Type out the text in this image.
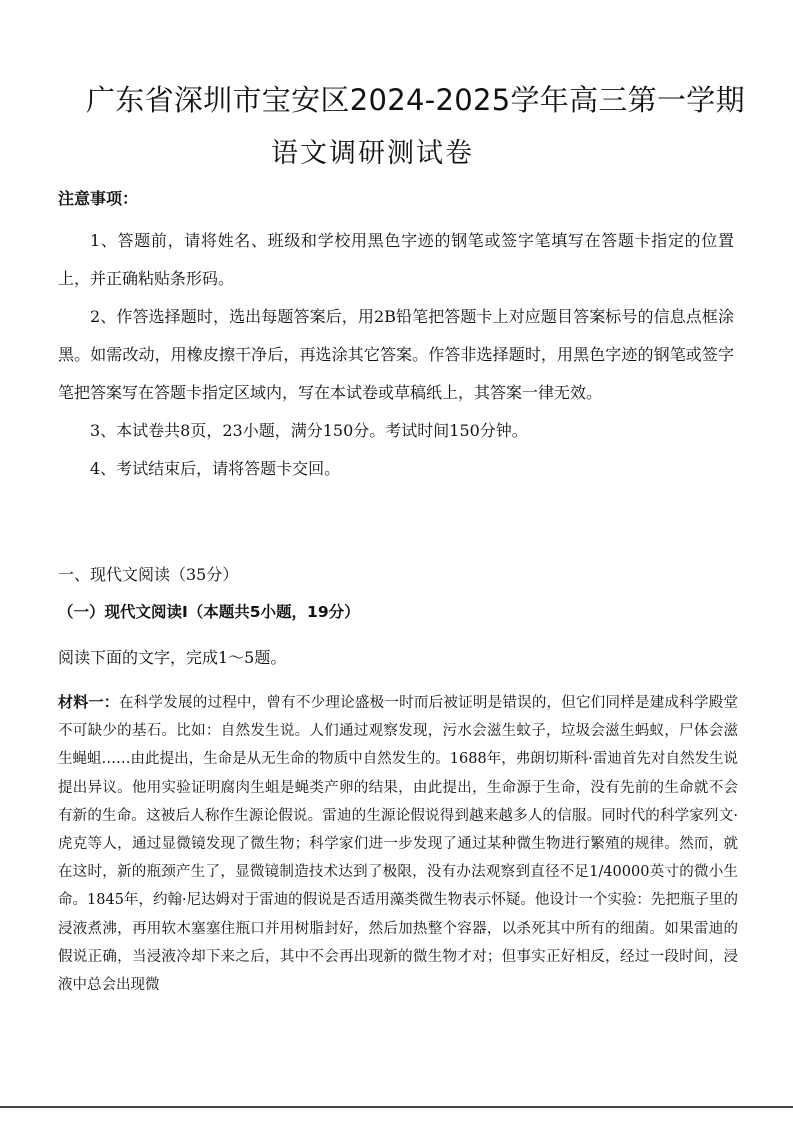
广东省深圳市宝安区2024-2025学年高三第一学期
语文调研测试卷
注意事项：

1、答题前，请将姓名、班级和学校用黑色字迹的钢笔或签字笔填写在答题卡指定的位置上，并正确粘贴条形码。

2、作答选择题时，选出每题答案后，用2B铅笔把答题卡上对应题目答案标号的信息点框涂黑。如需改动，用橡皮擦干净后，再选涂其它答案。作答非选择题时，用黑色字迹的钢笔或签字笔把答案写在答题卡指定区域内，写在本试卷或草稿纸上，其答案一律无效。

3、本试卷共8页，23小题，满分150分。考试时间150分钟。

4、考试结束后，请将答题卡交回。

一、现代文阅读（35分）
（一）现代文阅读Ⅰ（本题共5小题，19分）
阅读下面的文字，完成1～5题。
材料一：在科学发展的过程中，曾有不少理论盛极一时而后被证明是错误的，但它们同样是建成科学殿堂不可缺少的基石。比如：自然发生说。人们通过观察发现，污水会滋生蚊子，垃圾会滋生蚂蚁，尸体会滋生蝇蛆……由此提出，生命是从无生命的物质中自然发生的。1688年，弗朗切斯科·雷迪首先对自然发生说提出异议。他用实验证明腐肉生蛆是蝇类产卵的结果，由此提出，生命源于生命，没有先前的生命就不会有新的生命。这被后人称作生源论假说。雷迪的生源论假说得到越来越多人的信服。同时代的科学家列文·虎克等人，通过显微镜发现了微生物；科学家们进一步发现了通过某种微生物进行繁殖的规律。然而，就在这时，新的瓶颈产生了，显微镜制造技术达到了极限，没有办法观察到直径不足1/40000英寸的微小生命。1845年，约翰·尼达姆对于雷迪的假说是否适用藻类微生物表示怀疑。他设计一个实验：先把瓶子里的浸液煮沸，再用软木塞塞住瓶口并用树脂封好，然后加热整个容器，以杀死其中所有的细菌。如果雷迪的假说正确，当浸液冷却下来之后，其中不会再出现新的微生物才对；但事实正好相反，经过一段时间，浸液中总会出现微
